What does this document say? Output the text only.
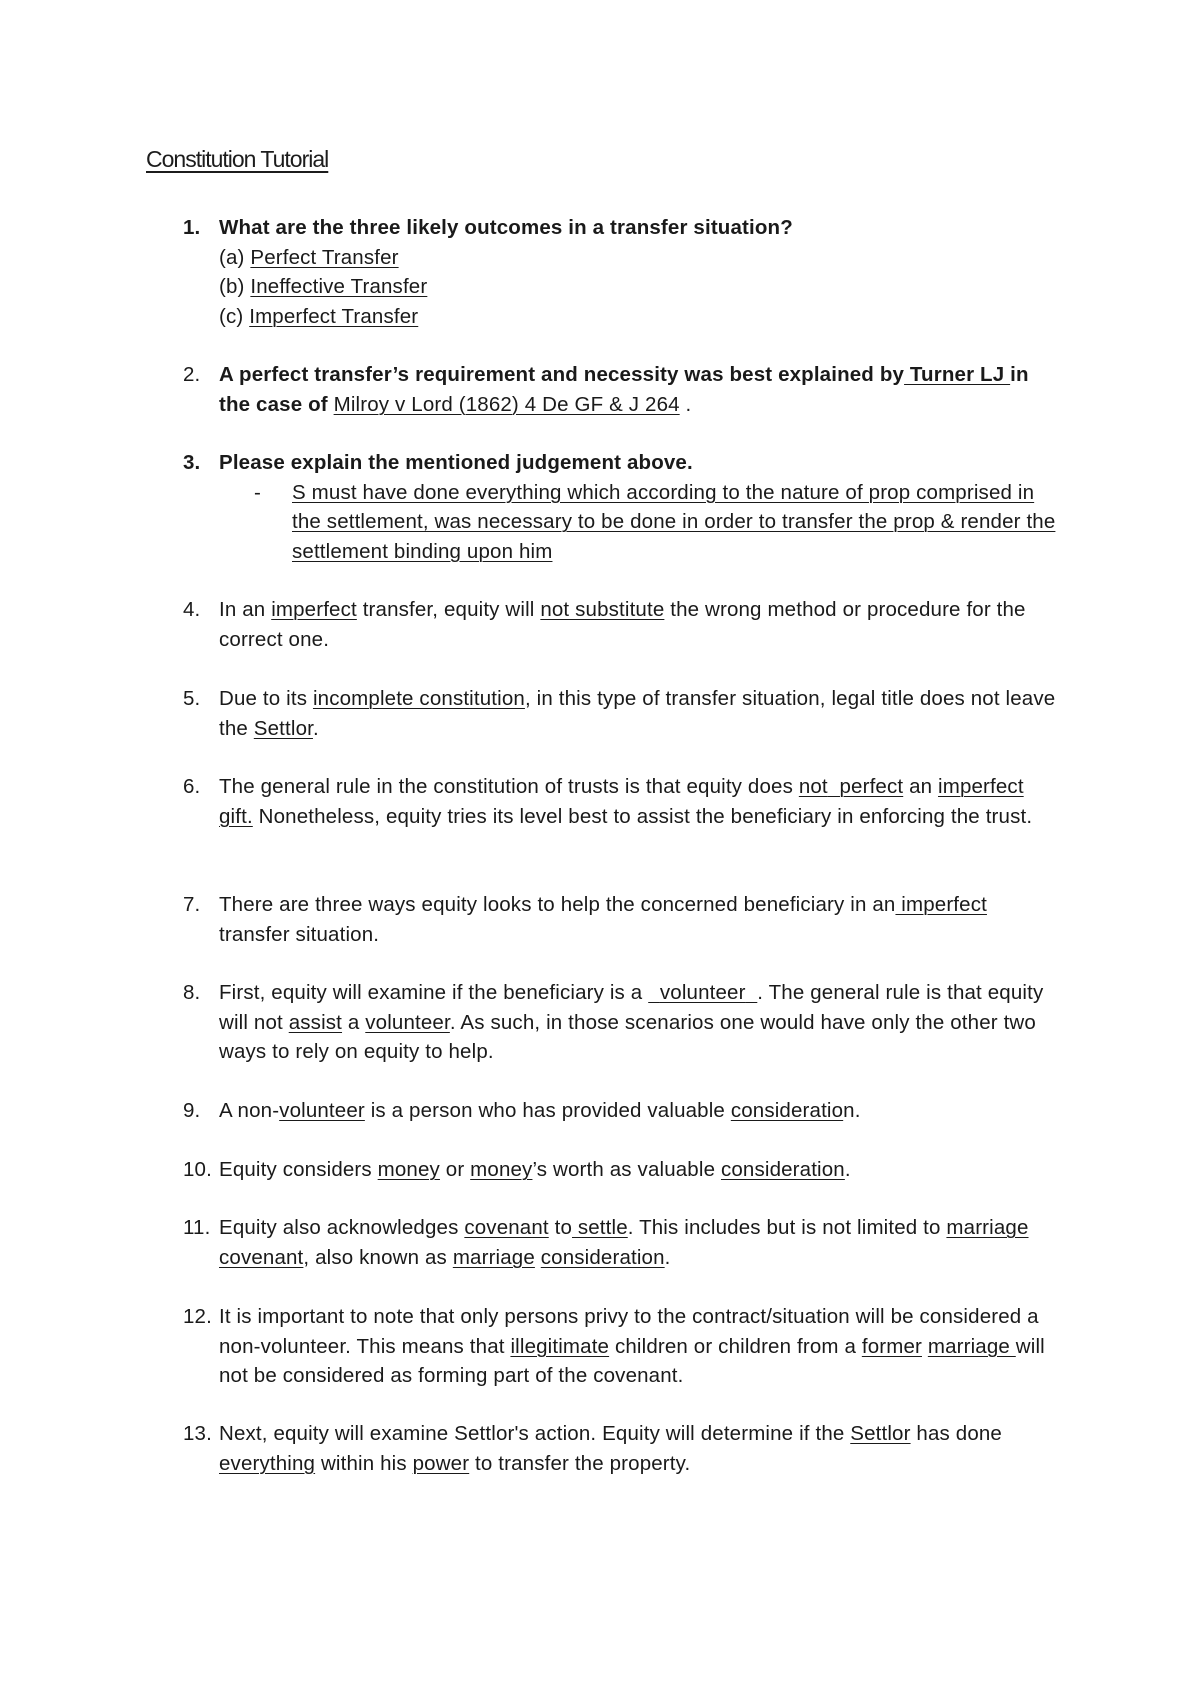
Constitution Tutorial
1. What are the three likely outcomes in a transfer situation?
(a) Perfect Transfer
(b) Ineffective Transfer
(c) Imperfect Transfer
2. A perfect transfer’s requirement and necessity was best explained by Turner LJ in the case of Milroy v Lord (1862) 4 De GF & J 264 .
3. Please explain the mentioned judgement above.
- S must have done everything which according to the nature of prop comprised in the settlement, was necessary to be done in order to transfer the prop & render the settlement binding upon him
4. In an imperfect transfer, equity will not substitute the wrong method or procedure for the correct one.
5. Due to its incomplete constitution, in this type of transfer situation, legal title does not leave the Settlor.
6. The general rule in the constitution of trusts is that equity does not perfect an imperfect gift. Nonetheless, equity tries its level best to assist the beneficiary in enforcing the trust.
7. There are three ways equity looks to help the concerned beneficiary in an imperfect transfer situation.
8. First, equity will examine if the beneficiary is a   volunteer . The general rule is that equity will not assist a volunteer. As such, in those scenarios one would have only the other two ways to rely on equity to help.
9. A non-volunteer is a person who has provided valuable consideration.
10. Equity considers money or money’s worth as valuable consideration.
11. Equity also acknowledges covenant to settle. This includes but is not limited to marriage covenant, also known as marriage consideration.
12. It is important to note that only persons privy to the contract/situation will be considered a non-volunteer. This means that illegitimate children or children from a former marriage will not be considered as forming part of the covenant.
13. Next, equity will examine Settlor's action. Equity will determine if the Settlor has done everything within his power to transfer the property.
